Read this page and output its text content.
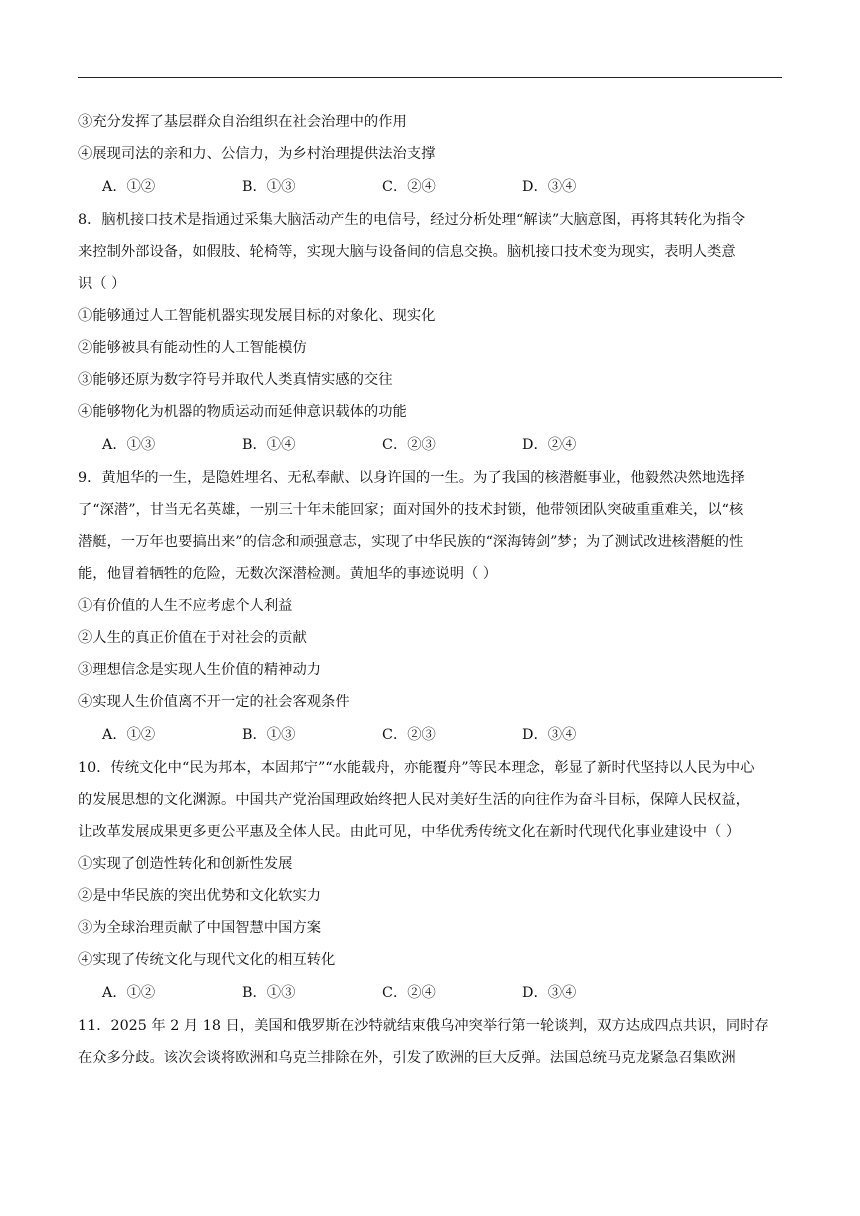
③充分发挥了基层群众自治组织在社会治理中的作用
④展现司法的亲和力、公信力，为乡村治理提供法治支撑
A．①②	B．①③	C．②④	D．③④
8．脑机接口技术是指通过采集大脑活动产生的电信号，经过分析处理“解读”大脑意图，再将其转化为指令
来控制外部设备，如假肢、轮椅等，实现大脑与设备间的信息交换。脑机接口技术变为现实，表明人类意
识（ ）
①能够通过人工智能机器实现发展目标的对象化、现实化
②能够被具有能动性的人工智能模仿
③能够还原为数字符号并取代人类真情实感的交往
④能够物化为机器的物质运动而延伸意识载体的功能
A．①③	B．①④	C．②③	D．②④
9．黄旭华的一生，是隐姓埋名、无私奉献、以身许国的一生。为了我国的核潜艇事业，他毅然决然地选择
了“深潜”，甘当无名英雄，一别三十年未能回家；面对国外的技术封锁，他带领团队突破重重难关，以“核
潜艇，一万年也要搞出来”的信念和顽强意志，实现了中华民族的“深海铸剑”梦；为了测试改进核潜艇的性
能，他冒着牺牲的危险，无数次深潜检测。黄旭华的事迹说明（ ）
①有价值的人生不应考虑个人利益
②人生的真正价值在于对社会的贡献
③理想信念是实现人生价值的精神动力
④实现人生价值离不开一定的社会客观条件
A．①②	B．①③	C．②③	D．③④
10．传统文化中“民为邦本，本固邦宁”“水能载舟，亦能覆舟”等民本理念，彰显了新时代坚持以人民为中心
的发展思想的文化渊源。中国共产党治国理政始终把人民对美好生活的向往作为奋斗目标，保障人民权益，
让改革发展成果更多更公平惠及全体人民。由此可见，中华优秀传统文化在新时代现代化事业建设中（ ）
①实现了创造性转化和创新性发展
②是中华民族的突出优势和文化软实力
③为全球治理贡献了中国智慧中国方案
④实现了传统文化与现代文化的相互转化
A．①②	B．①③	C．②④	D．③④
11．2025 年 2 月 18 日，美国和俄罗斯在沙特就结束俄乌冲突举行第一轮谈判，双方达成四点共识，同时存
在众多分歧。该次会谈将欧洲和乌克兰排除在外，引发了欧洲的巨大反弹。法国总统马克龙紧急召集欧洲
